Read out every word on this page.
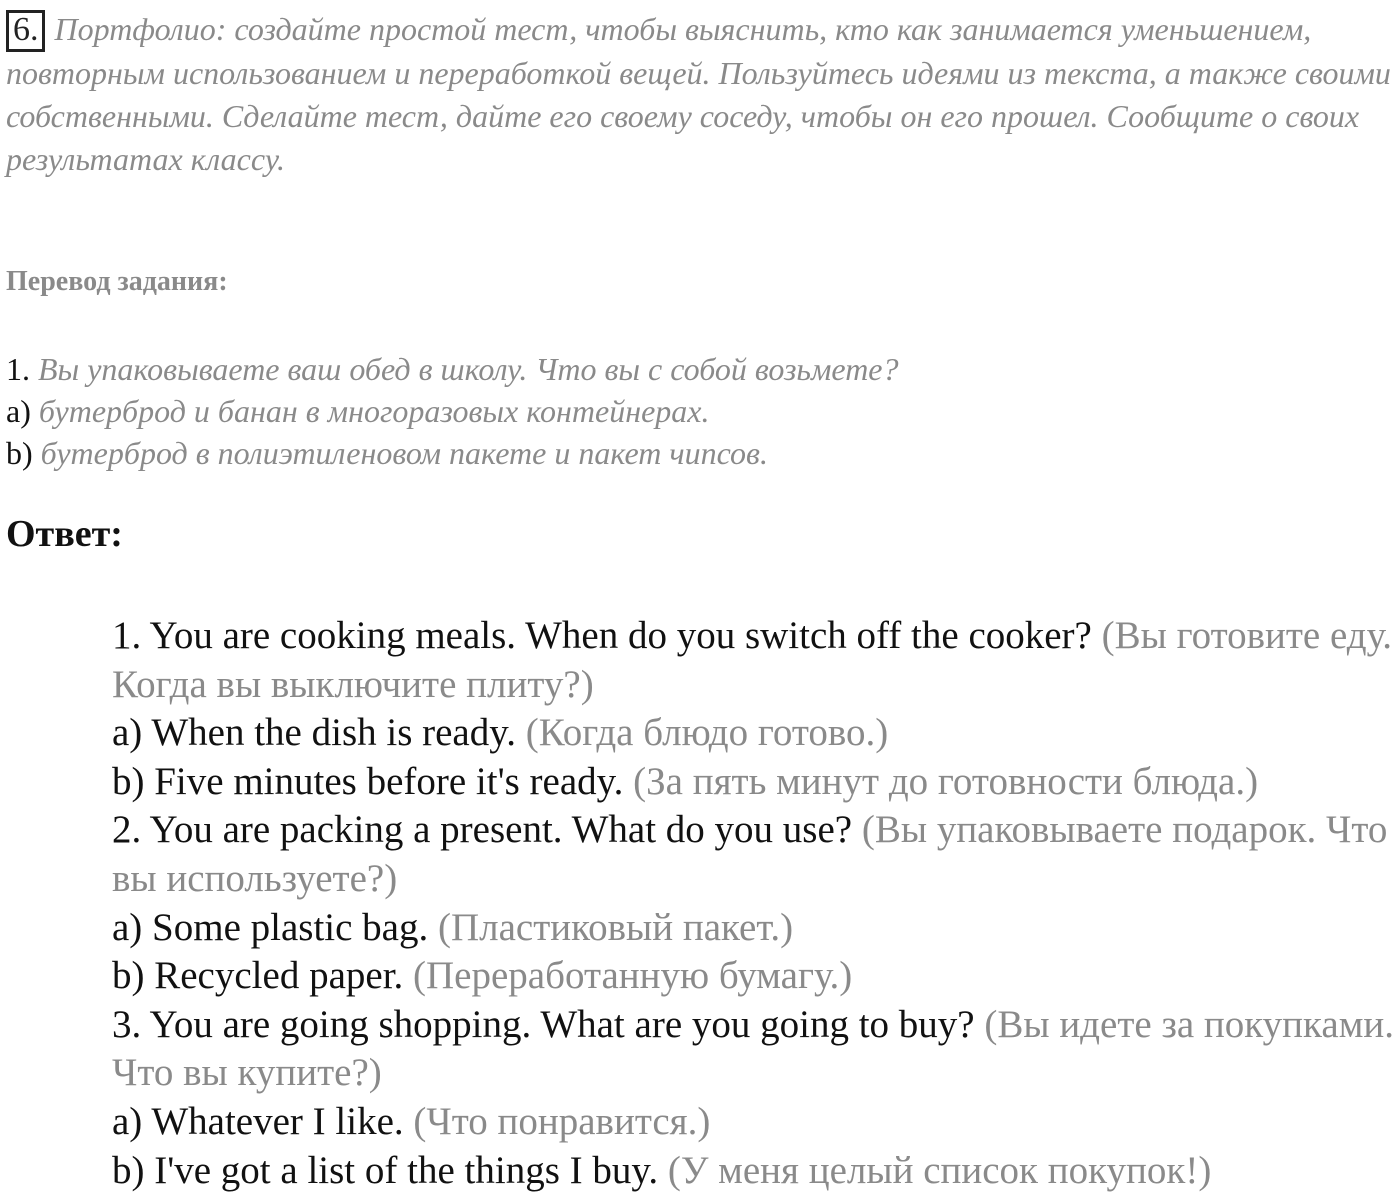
6. Портфолио: создайте простой тест, чтобы выяснить, кто как занимается уменьшением, повторным использованием и переработкой вещей. Пользуйтесь идеями из текста, а также своими собственными. Сделайте тест, дайте его своему соседу, чтобы он его прошел. Сообщите о своих результатах классу.
Перевод задания:
1. Вы упаковываете ваш обед в школу. Что вы с собой возьмете?
a) бутерброд и банан в многоразовых контейнерах.
b) бутерброд в полиэтиленовом пакете и пакет чипсов.
Ответ:
1. You are cooking meals. When do you switch off the cooker? (Вы готовите еду. Когда вы выключите плиту?)
a) When the dish is ready. (Когда блюдо готово.)
b) Five minutes before it's ready. (За пять минут до готовности блюда.)
2. You are packing a present. What do you use? (Вы упаковываете подарок. Что вы используете?)
a) Some plastic bag. (Пластиковый пакет.)
b) Recycled paper. (Переработанную бумагу.)
3. You are going shopping. What are you going to buy? (Вы идете за покупками. Что вы купите?)
a) Whatever I like. (Что понравится.)
b) I've got a list of the things I buy. (У меня целый список покупок!)
